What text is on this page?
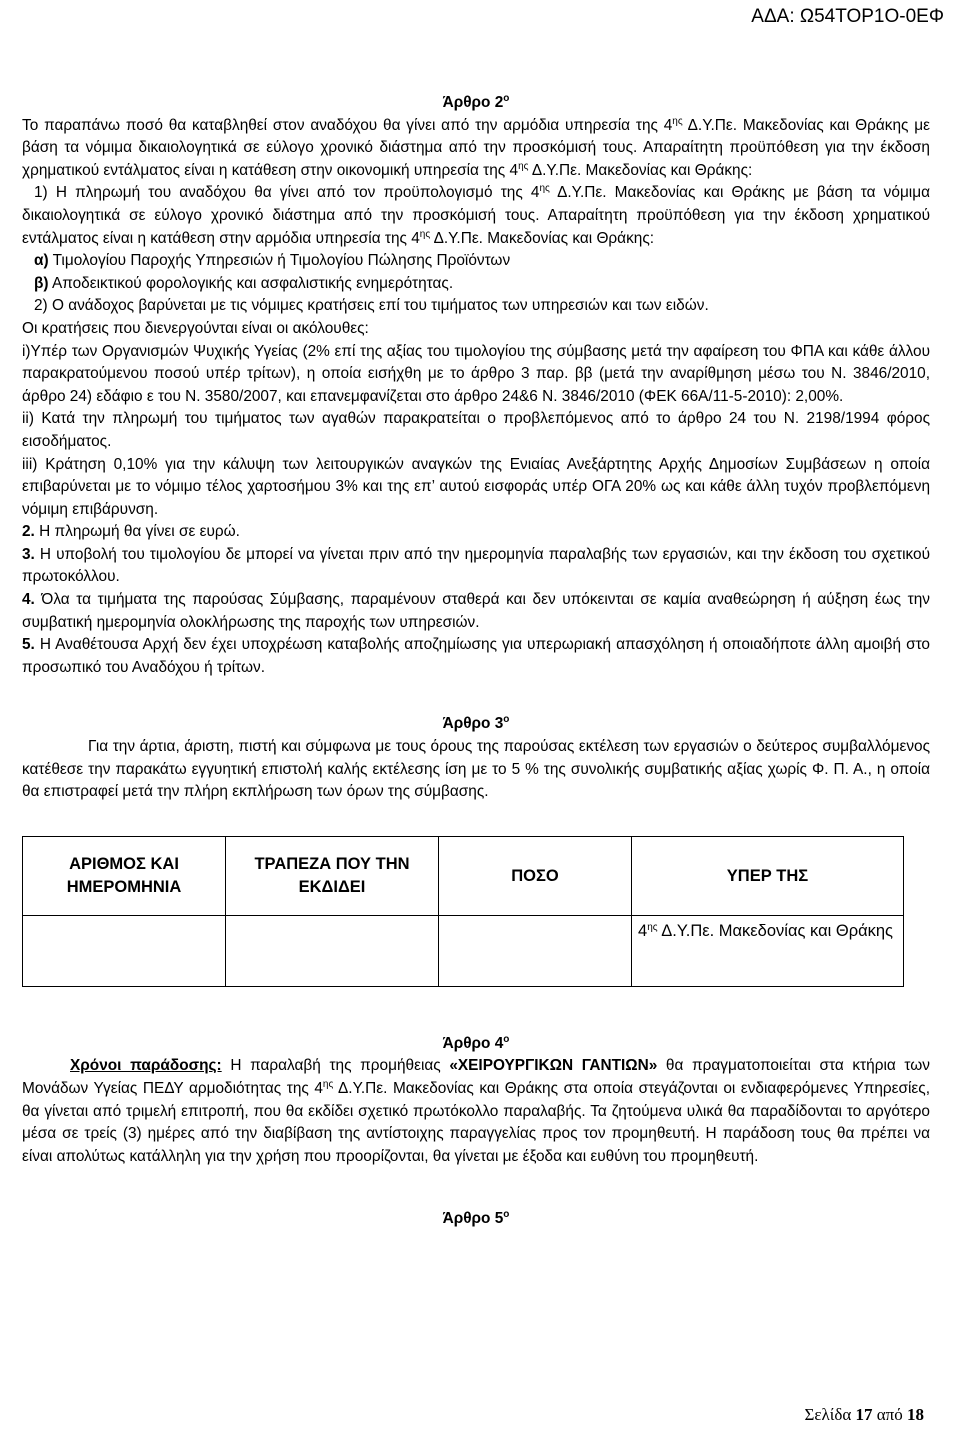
ΑΔΑ: Ω54ΤΟΡ1Ο-0ΕΦ

Άρθρο $2^o$

Το παραπάνω ποσό θα καταβληθεί στον αναδόχου θα γίνει από την αρμόδια υπηρεσία της $4^{\eta\varsigma}$ Δ.Υ.Πε. Μακεδονίας και Θράκης με βάση τα νόμιμα δικαιολογητικά σε εύλογο χρονικό διάστημα από την προσκόμισή τους. Απαραίτητη προϋπόθεση για την έκδοση χρηματικού εντάλματος είναι η κατάθεση στην οικονομική υπηρεσία της $4^{\eta\varsigma}$ Δ.Υ.Πε. Μακεδονίας και Θράκης:

1) Η πληρωμή του αναδόχου θα γίνει από τον προϋπολογισμό της $4^{\eta\varsigma}$ Δ.Υ.Πε. Μακεδονίας και Θράκης με βάση τα νόμιμα δικαιολογητικά σε εύλογο χρονικό διάστημα από την προσκόμισή τους. Απαραίτητη προϋπόθεση για την έκδοση χρηματικού εντάλματος είναι η κατάθεση στην αρμόδια υπηρεσία της $4^{\eta\varsigma}$ Δ.Υ.Πε. Μακεδονίας και Θράκης:

α) Τιμολογίου Παροχής Υπηρεσιών ή Τιμολογίου Πώλησης Προϊόντων

β) Αποδεικτικού φορολογικής και ασφαλιστικής ενημερότητας.

2) Ο ανάδοχος βαρύνεται με τις νόμιμες κρατήσεις επί του τιμήματος των υπηρεσιών και των ειδών.

Οι κρατήσεις που διενεργούνται είναι οι ακόλουθες:

i)Υπέρ των Οργανισμών Ψυχικής Υγείας (2% επί της αξίας του τιμολογίου της σύμβασης μετά την αφαίρεση του ΦΠΑ και κάθε άλλου παρακρατούμενου ποσού υπέρ τρίτων), η οποία εισήχθη με το άρθρο 3 παρ. ββ (μετά την αναρίθμηση μέσω του Ν. 3846/2010, άρθρο 24) εδάφιο ε του Ν. 3580/2007, και επανεμφανίζεται στο άρθρο 24&6 Ν. 3846/2010 (ΦΕΚ 66Α/11-5-2010): 2,00%.

ii) Κατά την πληρωμή του τιμήματος των αγαθών παρακρατείται ο προβλεπόμενος από το άρθρο 24 του Ν. 2198/1994 φόρος εισοδήματος.

iii) Κράτηση 0,10% για την κάλυψη των λειτουργικών αναγκών της Ενιαίας Ανεξάρτητης Αρχής Δημοσίων Συμβάσεων η οποία επιβαρύνεται με το νόμιμο τέλος χαρτοσήμου 3% και της επ’ αυτού εισφοράς υπέρ ΟΓΑ 20% ως και κάθε άλλη τυχόν προβλεπόμενη νόμιμη επιβάρυνση.

2. Η πληρωμή θα γίνει σε ευρώ.

3. Η υποβολή του τιμολογίου δε μπορεί να γίνεται πριν από την ημερομηνία παραλαβής των εργασιών, και την έκδοση του σχετικού πρωτοκόλλου.

4. Όλα τα τιμήματα της παρούσας Σύμβασης, παραμένουν σταθερά και δεν υπόκεινται σε καμία αναθεώρηση ή αύξηση έως την συμβατική ημερομηνία ολοκλήρωσης της παροχής των υπηρεσιών.

5. Η Αναθέτουσα Αρχή δεν έχει υποχρέωση καταβολής αποζημίωσης για υπερωριακή απασχόληση ή οποιαδήποτε άλλη αμοιβή στο προσωπικό του Αναδόχου ή τρίτων.

Άρθρο $3^o$

Για την άρτια, άριστη, πιστή και σύμφωνα με τους όρους της παρούσας εκτέλεση των εργασιών ο δεύτερος συμβαλλόμενος κατέθεσε την παρακάτω εγγυητική επιστολή καλής εκτέλεσης ίση με το 5 % της συνολικής συμβατικής αξίας χωρίς Φ. Π. Α., η οποία θα επιστραφεί μετά την πλήρη εκπλήρωση των όρων της σύμβασης.

ΑΡΙΘΜΟΣ ΚΑΙ ΗΜΕΡΟΜΗΝΙΑ	ΤΡΑΠΕΖΑ ΠΟΥ ΤΗΝ ΕΚΔΙΔΕΙ	ΠΟΣΟ	ΥΠΕΡ ΤΗΣ
			$4^{\eta\varsigma}$ Δ.Υ.Πε. Μακεδονίας και Θράκης

Άρθρο $4^o$

Χρόνοι παράδοσης: Η παραλαβή της προμήθειας «ΧΕΙΡΟΥΡΓΙΚΩΝ ΓΑΝΤΙΩΝ» θα πραγματοποιείται στα κτήρια των Μονάδων Υγείας ΠΕΔΥ αρμοδιότητας της $4^{\eta\varsigma}$ Δ.Υ.Πε. Μακεδονίας και Θράκης στα οποία στεγάζονται οι ενδιαφερόμενες Υπηρεσίες, θα γίνεται από τριμελή επιτροπή, που θα εκδίδει σχετικό πρωτόκολλο παραλαβής. Τα ζητούμενα υλικά θα παραδίδονται το αργότερο μέσα σε τρείς (3) ημέρες από την διαβίβαση της αντίστοιχης παραγγελίας προς τον προμηθευτή. Η παράδοση τους θα πρέπει να είναι απολύτως κατάλληλη για την χρήση που προορίζονται, θα γίνεται με έξοδα και ευθύνη του προμηθευτή.

Άρθρο $5^o$

Σελίδα 17 από 18
